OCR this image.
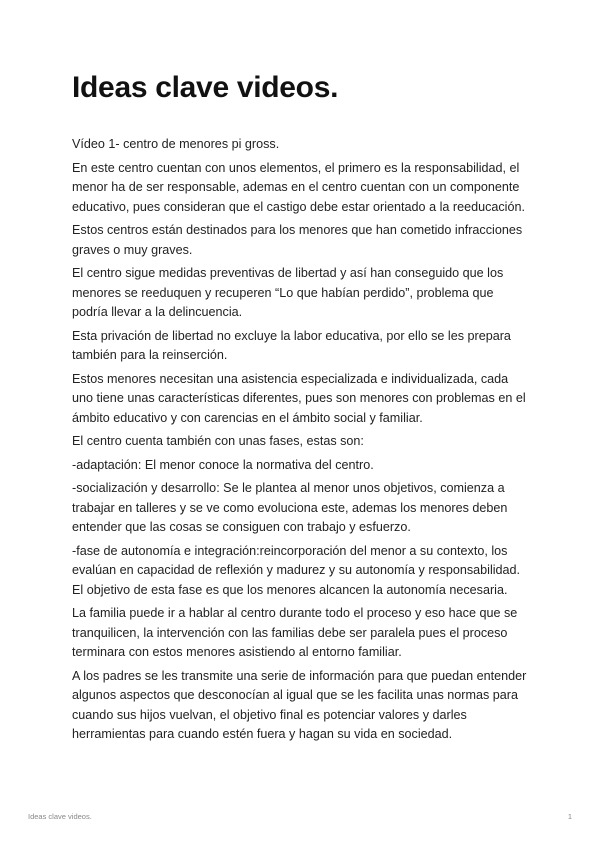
Ideas clave videos.

Vídeo 1- centro de menores pi gross.

En este centro cuentan con unos elementos, el primero es la responsabilidad, el menor ha de ser responsable, ademas en el centro cuentan con un componente educativo, pues consideran que el castigo debe estar orientado a la reeducación.

Estos centros están destinados para los menores que han cometido infracciones graves o muy graves.

El centro sigue medidas preventivas de libertad y así han conseguido que los menores se reeduquen y recuperen “Lo que habían perdido”, problema que podría llevar a la delincuencia.

Esta privación de libertad no excluye la labor educativa, por ello se les prepara también para la reinserción.

Estos menores necesitan una asistencia especializada e individualizada, cada uno tiene unas características diferentes, pues son menores con problemas en el ámbito educativo y con carencias en el ámbito social y familiar.

El centro cuenta también con unas fases, estas son:

-adaptación: El menor conoce la normativa del centro.

-socialización y desarrollo: Se le plantea al menor unos objetivos, comienza a trabajar en talleres y se ve como evoluciona este, ademas los menores deben entender que las cosas se consiguen con trabajo y esfuerzo.

-fase de autonomía e integración:reincorporación del menor a su contexto, los evalúan en capacidad de reflexión y madurez y su autonomía y responsabilidad. El objetivo de esta fase es que los menores alcancen la autonomía necesaria.

La familia puede ir a hablar al centro durante todo el proceso y eso hace que se tranquilicen, la intervención con las familias debe ser paralela pues el proceso terminara con estos menores asistiendo al entorno familiar.

A los padres se les transmite una serie de información para que puedan entender algunos aspectos que desconocían al igual que se les facilita unas normas para cuando sus hijos vuelvan, el objetivo final es potenciar valores y darles herramientas para cuando estén fuera y hagan su vida en sociedad.

Ideas clave videos.	1
